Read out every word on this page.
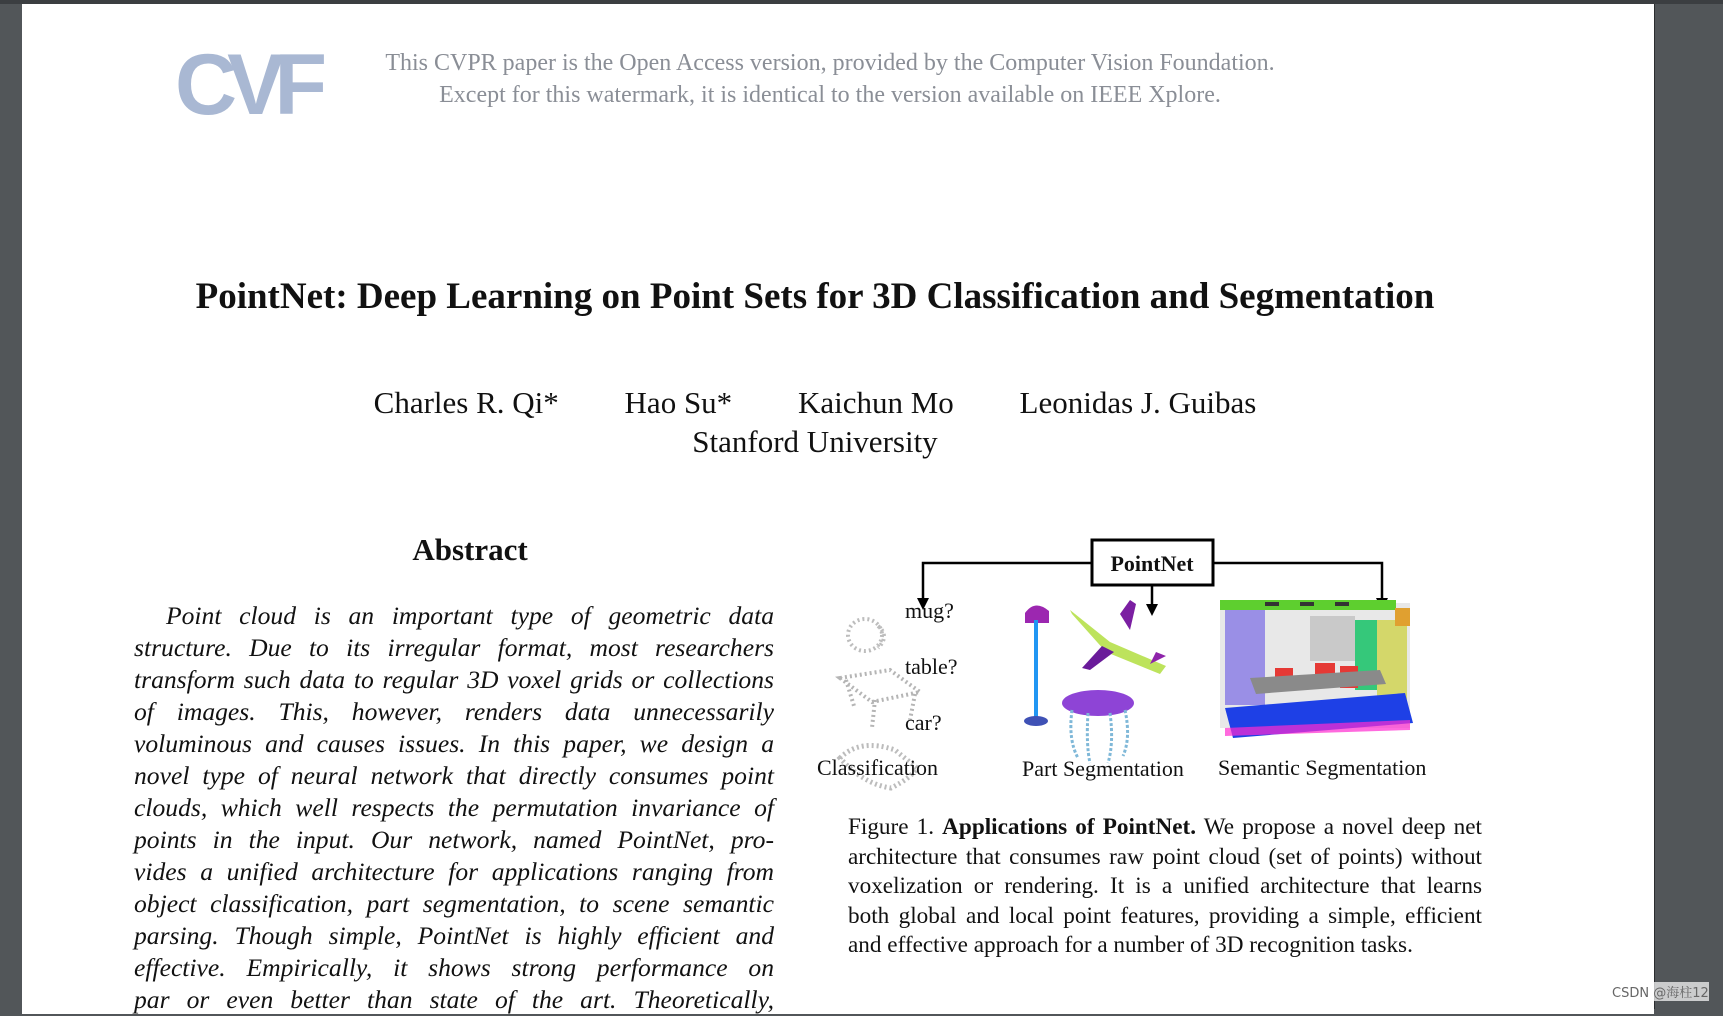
CVF	This CVPR paper is the Open Access version, provided by the Computer Vision Foundation.
Except for this watermark, it is identical to the version available on IEEE Xplore.
PointNet: Deep Learning on Point Sets for 3D Classification and Segmentation
Charles R. Qi* Hao Su* Kaichun Mo Leonidas J. Guibas
Stanford University
Abstract
Point cloud is an important type of geometric data
structure. Due to its irregular format, most researchers
transform such data to regular 3D voxel grids or collections
of images. This, however, renders data unnecessarily
voluminous and causes issues. In this paper, we design a
novel type of neural network that directly consumes point
clouds, which well respects the permutation invariance of
points in the input. Our network, named PointNet, pro-
vides a unified architecture for applications ranging from
object classification, part segmentation, to scene semantic
parsing. Though simple, PointNet is highly efficient and
effective. Empirically, it shows strong performance on
par or even better than state of the art. Theoretically,
PointNet
mug?
table?
car?
Classification	Part Segmentation Semantic Segmentation
Figure 1. Applications of PointNet. We propose a novel deep net
architecture that consumes raw point cloud (set of points) without
voxelization or rendering. It is a unified architecture that learns
both global and local point features, providing a simple, efficient
and effective approach for a number of 3D recognition tasks.
CSDN @海柱12
